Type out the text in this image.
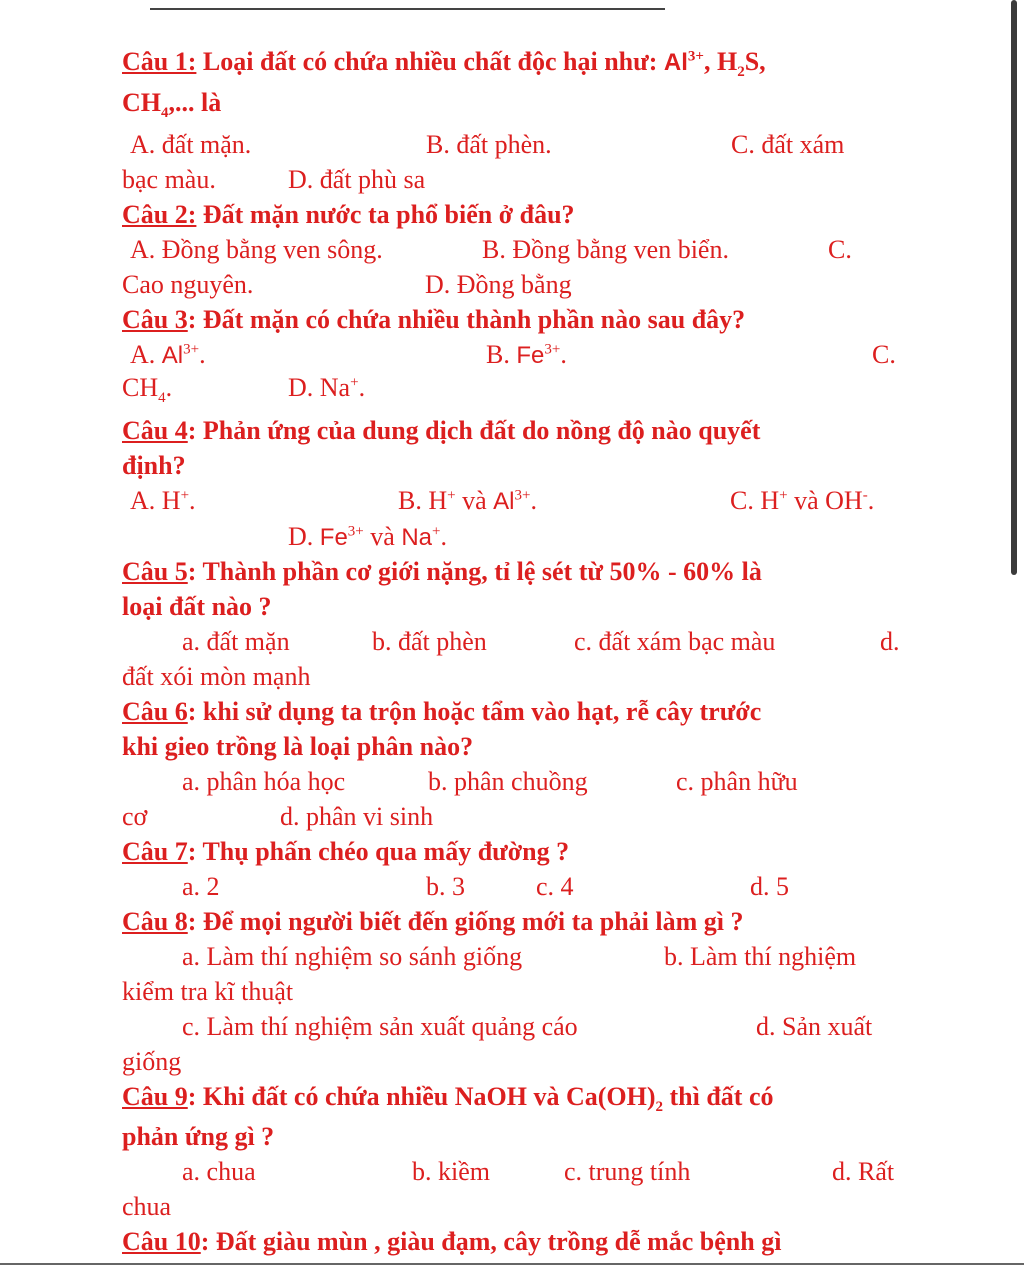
Câu 1: Loại đất có chứa nhiều chất độc hại như: $Al^{3+}$, $H_2S$,
$CH_4$,... là
A. đất mặn.	B. đất phèn.	C. đất xám
bạc màu.	D. đất phù sa
Câu 2: Đất mặn nước ta phổ biến ở đâu?
A. Đồng bằng ven sông.	B. Đồng bằng ven biển.	C.
Cao nguyên.	D. Đồng bằng
Câu 3: Đất mặn có chứa nhiều thành phần nào sau đây?
A. $Al^{3+}$.	B. $Fe^{3+}$.	C.
$CH_4$.	D. Na+.
Câu 4: Phản ứng của dung dịch đất do nồng độ nào quyết
định?
A. H+.	B. H+ và $Al^{3+}$.	C. H+ và OH-.
D. $Fe^{3+}$ và Na+.
Câu 5: Thành phần cơ giới nặng, tỉ lệ sét từ 50% - 60% là
loại đất nào ?
a. đất mặn	b. đất phèn	c. đất xám bạc màu	d.
đất xói mòn mạnh
Câu 6: khi sử dụng ta trộn hoặc tẩm vào hạt, rễ cây trước
khi gieo trồng là loại phân nào?
a. phân hóa học	b. phân chuồng	c. phân hữu
cơ	d. phân vi sinh
Câu 7: Thụ phấn chéo qua mấy đường ?
a. 2	b. 3	c. 4	d. 5
Câu 8: Để mọi người biết đến giống mới ta phải làm gì ?
a. Làm thí nghiệm so sánh giống	b. Làm thí nghiệm
kiểm tra kĩ thuật
c. Làm thí nghiệm sản xuất quảng cáo	d. Sản xuất
giống
Câu 9: Khi đất có chứa nhiều NaOH và $Ca(OH)_2$ thì đất có
phản ứng gì ?
a. chua	b. kiềm	c. trung tính	d. Rất
chua
Câu 10: Đất giàu mùn , giàu đạm, cây trồng dễ mắc bệnh gì
